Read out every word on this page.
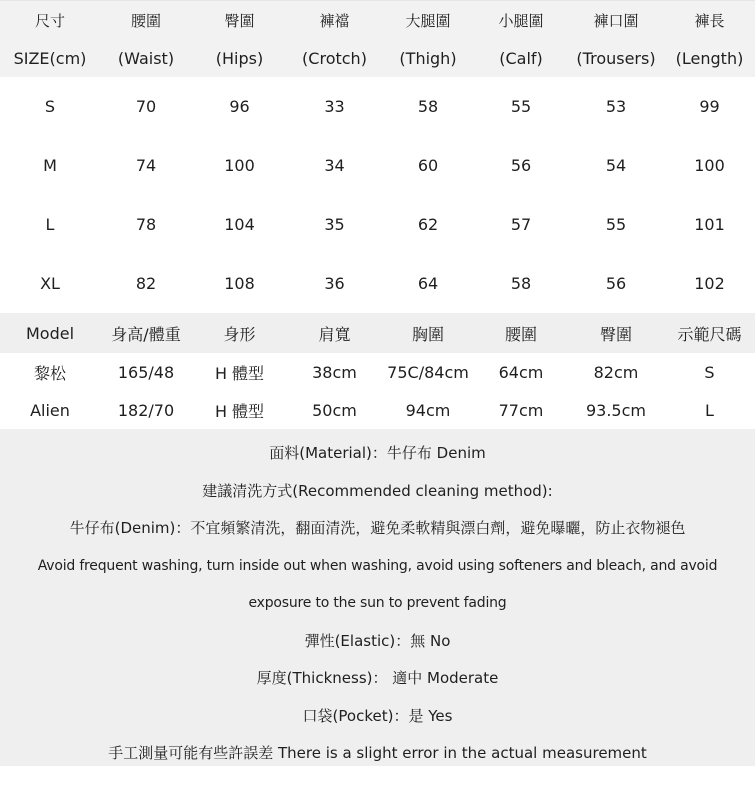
尺寸	腰圍	臀圍	褲襠	大腿圍	小腿圍	褲口圍	褲長
SIZE(cm)	(Waist)	(Hips)	(Crotch)	(Thigh)	(Calf)	(Trousers)	(Length)
S	70	96	33	58	55	53	99
M	74	100	34	60	56	54	100
L	78	104	35	62	57	55	101
XL	82	108	36	64	58	56	102
Model	身高/體重	身形	肩寬	胸圍	腰圍	臀圍	示範尺碼
黎松	165/48	H 體型	38cm	75C/84cm	64cm	82cm	S
Alien	182/70	H 體型	50cm	94cm	77cm	93.5cm	L
面料(Material)：牛仔布 Denim
建議清洗方式(Recommended cleaning method):
牛仔布(Denim)：不宜頻繁清洗，翻面清洗，避免柔軟精與漂白劑，避免曝曬，防止衣物褪色
Avoid frequent washing, turn inside out when washing, avoid using softeners and bleach, and avoid
exposure to the sun to prevent fading
彈性(Elastic)：無 No
厚度(Thickness)： 適中 Moderate
口袋(Pocket)：是 Yes
手工測量可能有些許誤差 There is a slight error in the actual measurement
